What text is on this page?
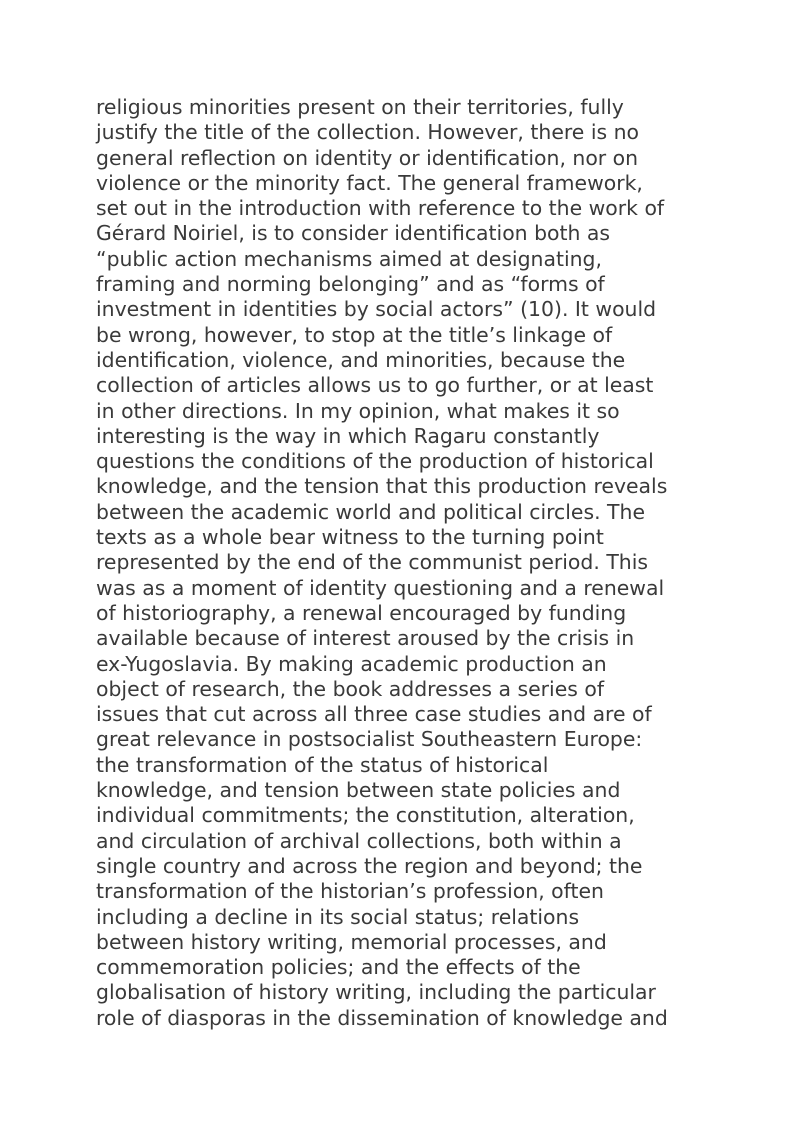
religious minorities present on their territories, fully
justify the title of the collection. However, there is no
general reflection on identity or identification, nor on
violence or the minority fact. The general framework,
set out in the introduction with reference to the work of
Gérard Noiriel, is to consider identification both as
“public action mechanisms aimed at designating,
framing and norming belonging” and as “forms of
investment in identities by social actors” (10). It would
be wrong, however, to stop at the title’s linkage of
identification, violence, and minorities, because the
collection of articles allows us to go further, or at least
in other directions. In my opinion, what makes it so
interesting is the way in which Ragaru constantly
questions the conditions of the production of historical
knowledge, and the tension that this production reveals
between the academic world and political circles. The
texts as a whole bear witness to the turning point
represented by the end of the communist period. This
was as a moment of identity questioning and a renewal
of historiography, a renewal encouraged by funding
available because of interest aroused by the crisis in
ex-Yugoslavia. By making academic production an
object of research, the book addresses a series of
issues that cut across all three case studies and are of
great relevance in postsocialist Southeastern Europe:
the transformation of the status of historical
knowledge, and tension between state policies and
individual commitments; the constitution, alteration,
and circulation of archival collections, both within a
single country and across the region and beyond; the
transformation of the historian’s profession, often
including a decline in its social status; relations
between history writing, memorial processes, and
commemoration policies; and the effects of the
globalisation of history writing, including the particular
role of diasporas in the dissemination of knowledge and
